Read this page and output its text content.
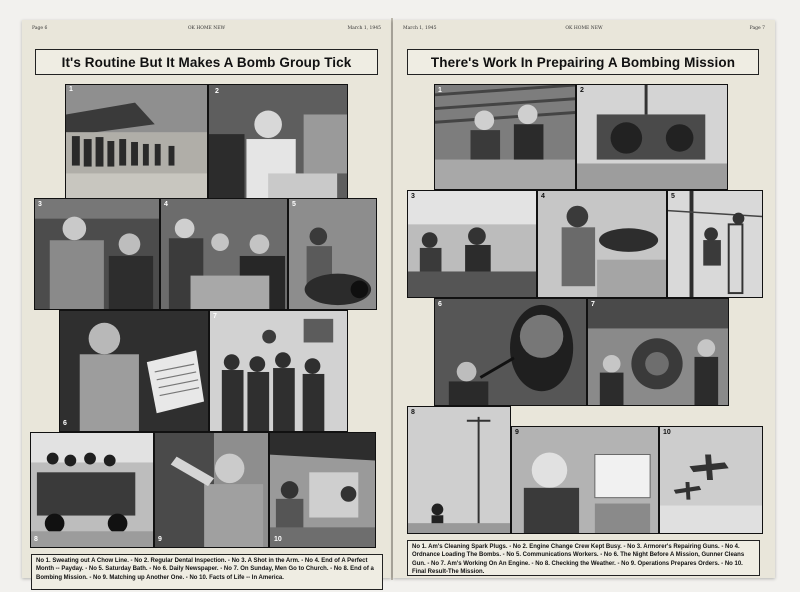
Page 6	OK HOME NEW	March 1, 1945
It's Routine But It Makes A Bomb Group Tick
1	2
3	4	5
6
7
8	9	10
No 1. Sweating out A Chow Line. - No 2. Regular Dental Inspection. - No 3. A Shot in the Arm. - No 4. End of A Perfect Month -- Payday. - No 5. Saturday Bath. - No 6. Daily Newspaper. - No 7. On Sunday, Men Go to Church. - No 8. End of a Bombing Mission. - No 9. Matching up Another One. - No 10. Facts of Life -- In America.
March 1, 1945	OK HOME NEW	Page 7
There's Work In Prepairing A Bombing Mission
1	2
3	4	5
6	7
8
9	10
No 1. Am's Cleaning Spark Plugs. - No 2. Engine Change Crew Kept Busy. - No 3. Armorer's Repairing Guns. - No 4. Ordnance Loading The Bombs. - No 5. Communications Workers. - No 6. The Night Before A Mission, Gunner Cleans Gun. - No 7. Am's Working On An Engine. - No 8. Checking the Weather. - No 9. Operations Prepares Orders. - No 10. Final Result-The Mission.
